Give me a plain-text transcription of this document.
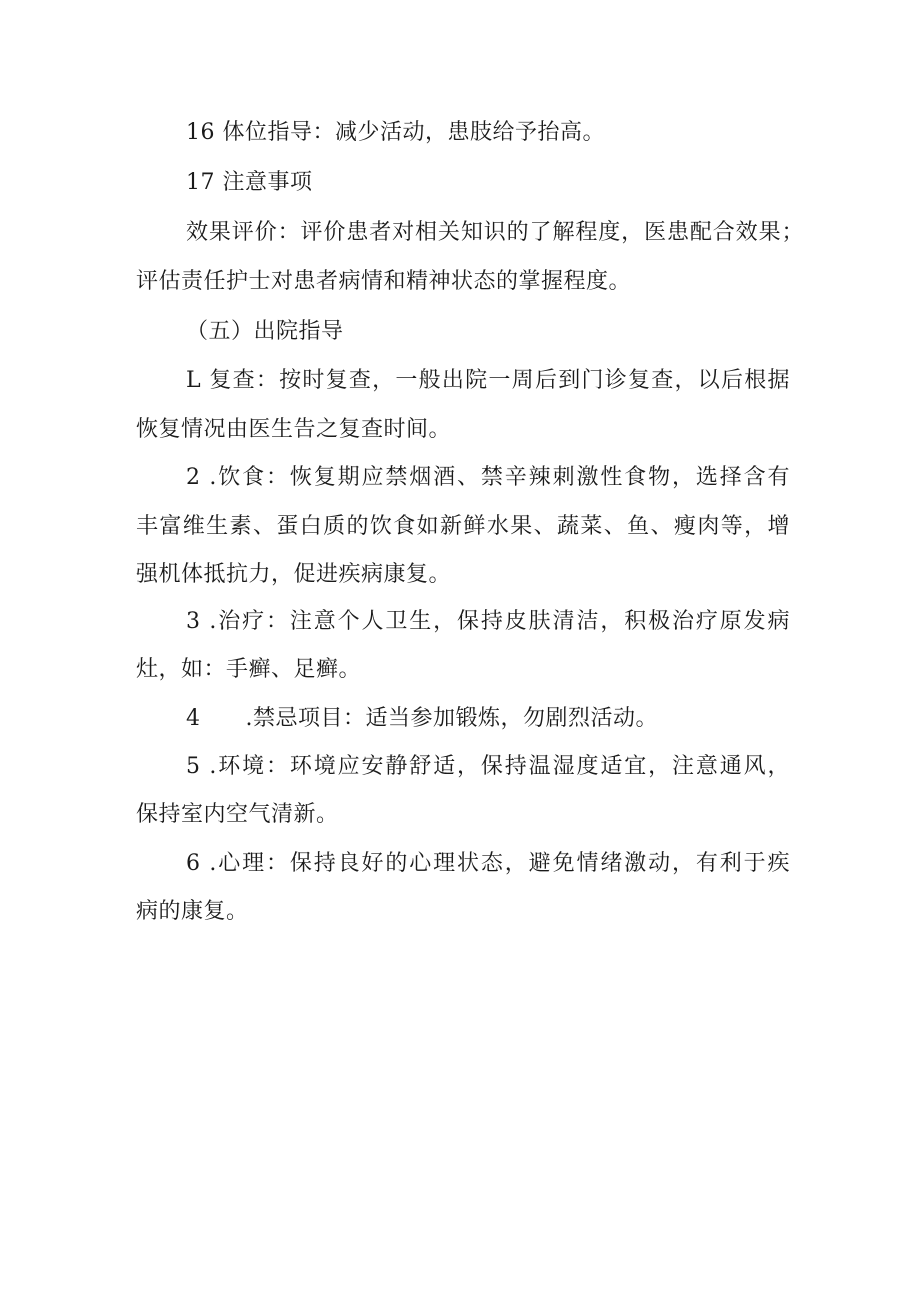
16 体位指导：减少活动，患肢给予抬高。
17 注意事项
效果评价：评价患者对相关知识的了解程度，医患配合效果；
评估责任护士对患者病情和精神状态的掌握程度。
（五）出院指导
L 复查：按时复查，一般出院一周后到门诊复查，以后根据
恢复情况由医生告之复查时间。
2 .饮食：恢复期应禁烟酒、禁辛辣刺激性食物，选择含有
丰富维生素、蛋白质的饮食如新鲜水果、蔬菜、鱼、瘦肉等，增
强机体抵抗力，促进疾病康复。
3 .治疗：注意个人卫生，保持皮肤清洁，积极治疗原发病
灶，如：手癣、足癣。
4      .禁忌项目：适当参加锻炼，勿剧烈活动。
5 .环境：环境应安静舒适，保持温湿度适宜，注意通风，
保持室内空气清新。
6 .心理：保持良好的心理状态，避免情绪激动，有利于疾
病的康复。
